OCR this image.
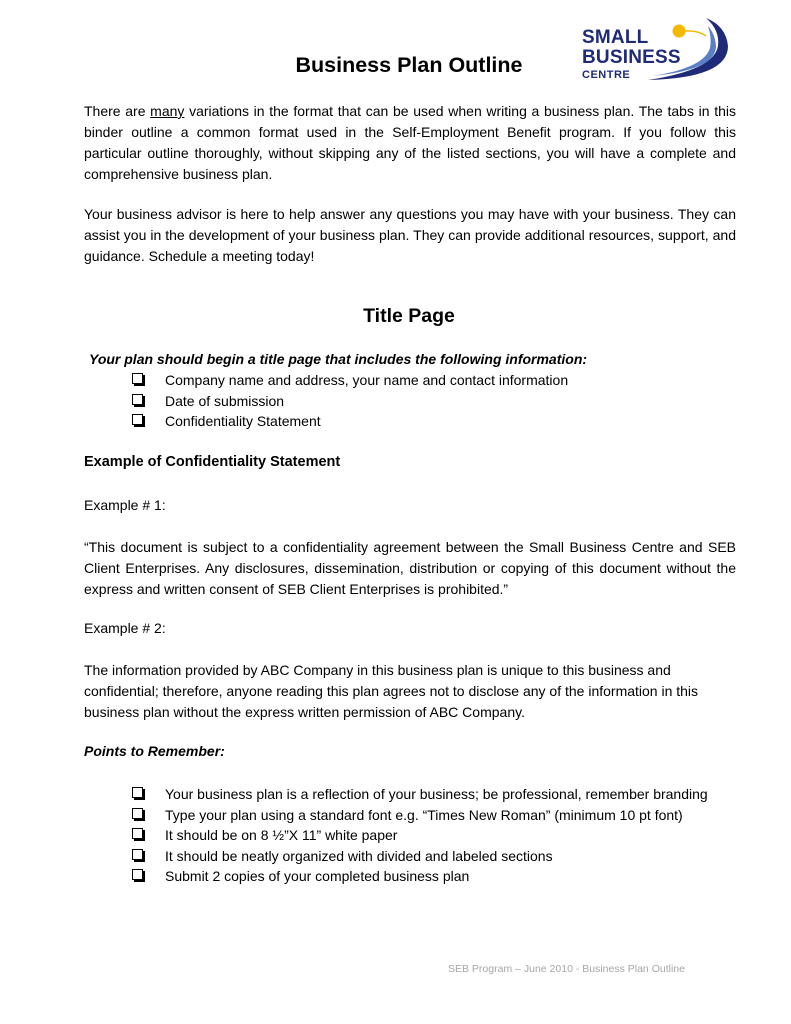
SMALL
BUSINESS
CENTRE
Business Plan Outline

There are many variations in the format that can be used when writing a business plan. The tabs in this binder outline a common format used in the Self-Employment Benefit program. If you follow this particular outline thoroughly, without skipping any of the listed sections, you will have a complete and comprehensive business plan.

Your business advisor is here to help answer any questions you may have with your business. They can assist you in the development of your business plan. They can provide additional resources, support, and guidance. Schedule a meeting today!

Title Page
Your plan should begin a title page that includes the following information:
Company name and address, your name and contact information
Date of submission
Confidentiality Statement
Example of Confidentiality Statement
Example # 1:

“This document is subject to a confidentiality agreement between the Small Business Centre and SEB Client Enterprises. Any disclosures, dissemination, distribution or copying of this document without the express and written consent of SEB Client Enterprises is prohibited.”

Example # 2:

The information provided by ABC Company in this business plan is unique to this business and confidential; therefore, anyone reading this plan agrees not to disclose any of the information in this business plan without the express written permission of ABC Company.

Points to Remember:
Your business plan is a reflection of your business; be professional, remember branding
Type your plan using a standard font e.g. “Times New Roman” (minimum 10 pt font)
It should be on 8 ½”X 11” white paper
It should be neatly organized with divided and labeled sections
Submit 2 copies of your completed business plan
SEB Program – June 2010 - Business Plan Outline
